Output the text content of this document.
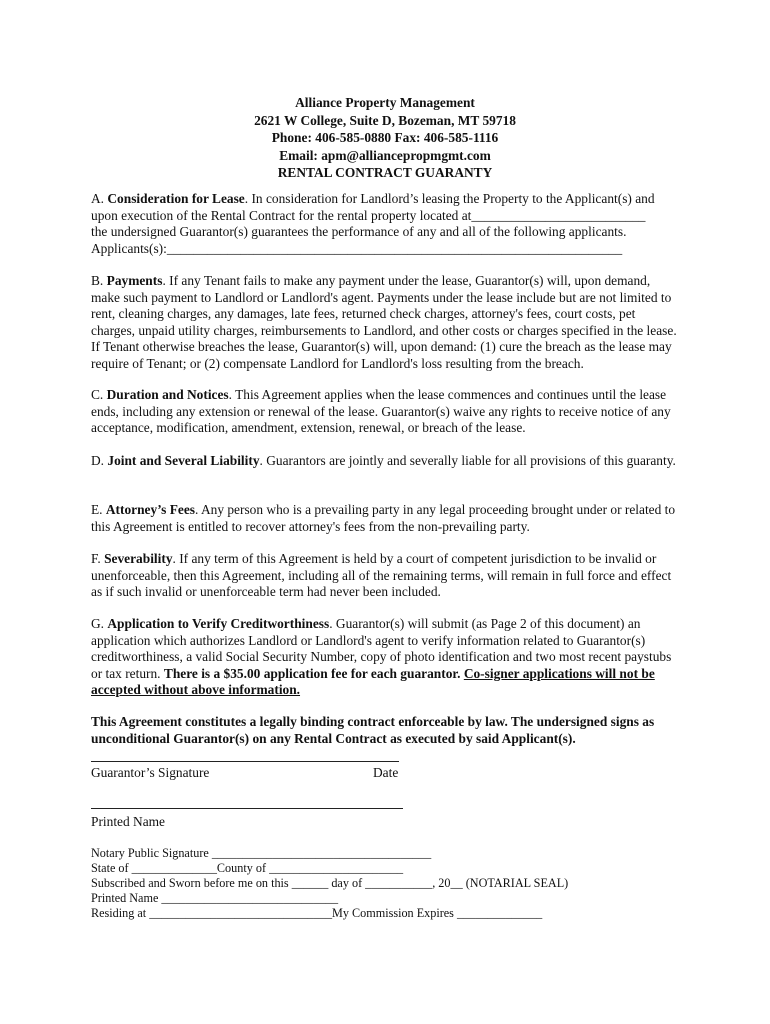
Alliance Property Management
2621 W College, Suite D, Bozeman, MT 59718
Phone: 406-585-0880 Fax: 406-585-1116
Email: apm@alliancepropmgmt.com
RENTAL CONTRACT GUARANTY
A. Consideration for Lease. In consideration for Landlord’s leasing the Property to the Applicant(s) and
upon execution of the Rental Contract for the rental property located at__________________________
the undersigned Guarantor(s) guarantees the performance of any and all of the following applicants.
Applicants(s):____________________________________________________________________
B. Payments. If any Tenant fails to make any payment under the lease, Guarantor(s) will, upon demand, make such payment to Landlord or Landlord's agent. Payments under the lease include but are not limited to rent, cleaning charges, any damages, late fees, returned check charges, attorney's fees, court costs, pet charges, unpaid utility charges, reimbursements to Landlord, and other costs or charges specified in the lease. If Tenant otherwise breaches the lease, Guarantor(s) will, upon demand: (1) cure the breach as the lease may require of Tenant; or (2) compensate Landlord for Landlord's loss resulting from the breach.
C. Duration and Notices. This Agreement applies when the lease commences and continues until the lease ends, including any extension or renewal of the lease. Guarantor(s) waive any rights to receive notice of any acceptance, modification, amendment, extension, renewal, or breach of the lease.
D. Joint and Several Liability. Guarantors are jointly and severally liable for all provisions of this guaranty.
E. Attorney’s Fees. Any person who is a prevailing party in any legal proceeding brought under or related to this Agreement is entitled to recover attorney's fees from the non-prevailing party.
F. Severability. If any term of this Agreement is held by a court of competent jurisdiction to be invalid or unenforceable, then this Agreement, including all of the remaining terms, will remain in full force and effect as if such invalid or unenforceable term had never been included.
G. Application to Verify Creditworthiness. Guarantor(s) will submit (as Page 2 of this document) an application which authorizes Landlord or Landlord's agent to verify information related to Guarantor(s) creditworthiness, a valid Social Security Number, copy of photo identification and two most recent paystubs or tax return. There is a $35.00 application fee for each guarantor. Co-signer applications will not be accepted without above information.
This Agreement constitutes a legally binding contract enforceable by law. The undersigned signs as unconditional Guarantor(s) on any Rental Contract as executed by said Applicant(s).
Guarantor’s Signature	Date
Printed Name
Notary Public Signature ____________________________________
State of ______________County of ______________________
Subscribed and Sworn before me on this ______ day of ___________, 20__ (NOTARIAL SEAL)
Printed Name _____________________________
Residing at ______________________________My Commission Expires ______________
